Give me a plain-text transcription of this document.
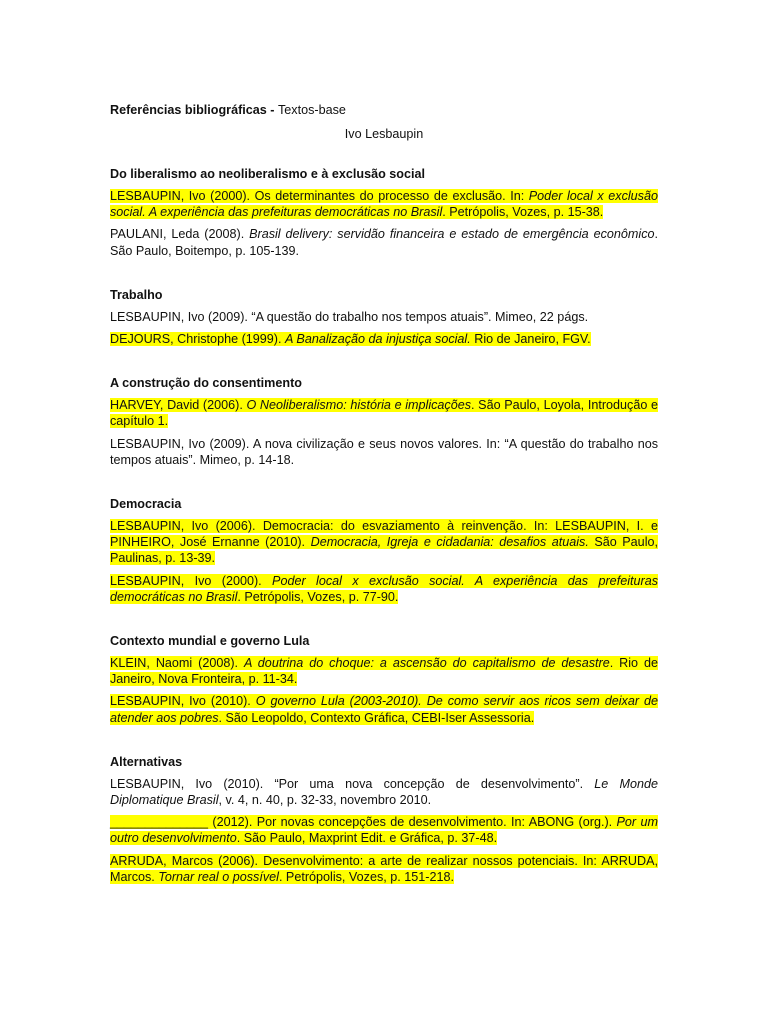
Referências bibliográficas - Textos-base

Ivo Lesbaupin

Do liberalismo ao neoliberalismo e à exclusão social

LESBAUPIN, Ivo (2000). Os determinantes do processo de exclusão. In: Poder local x exclusão social. A experiência das prefeituras democráticas no Brasil. Petrópolis, Vozes, p. 15-38.

PAULANI, Leda (2008). Brasil delivery: servidão financeira e estado de emergência econômico. São Paulo, Boitempo, p. 105-139.

Trabalho

LESBAUPIN, Ivo (2009). “A questão do trabalho nos tempos atuais”. Mimeo, 22 págs.

DEJOURS, Christophe (1999). A Banalização da injustiça social. Rio de Janeiro, FGV.

A construção do consentimento

HARVEY, David (2006). O Neoliberalismo: história e implicações. São Paulo, Loyola, Introdução e capítulo 1.

LESBAUPIN, Ivo (2009). A nova civilização e seus novos valores. In: “A questão do trabalho nos tempos atuais”. Mimeo, p. 14-18.

Democracia

LESBAUPIN, Ivo (2006). Democracia: do esvaziamento à reinvenção. In: LESBAUPIN, I. e PINHEIRO, José Ernanne (2010). Democracia, Igreja e cidadania: desafios atuais. São Paulo, Paulinas, p. 13-39.

LESBAUPIN, Ivo (2000). Poder local x exclusão social. A experiência das prefeituras democráticas no Brasil. Petrópolis, Vozes, p. 77-90.

Contexto mundial e governo Lula

KLEIN, Naomi (2008). A doutrina do choque: a ascensão do capitalismo de desastre. Rio de Janeiro, Nova Fronteira, p. 11-34.

LESBAUPIN, Ivo (2010). O governo Lula (2003-2010). De como servir aos ricos sem deixar de atender aos pobres. São Leopoldo, Contexto Gráfica, CEBI-Iser Assessoria.

Alternativas

LESBAUPIN, Ivo (2010). “Por uma nova concepção de desenvolvimento”. Le Monde Diplomatique Brasil, v. 4, n. 40, p. 32-33, novembro 2010.

______________ (2012). Por novas concepções de desenvolvimento. In: ABONG (org.). Por um outro desenvolvimento. São Paulo, Maxprint Edit. e Gráfica, p. 37-48.

ARRUDA, Marcos (2006). Desenvolvimento: a arte de realizar nossos potenciais. In: ARRUDA, Marcos. Tornar real o possível. Petrópolis, Vozes, p. 151-218.
